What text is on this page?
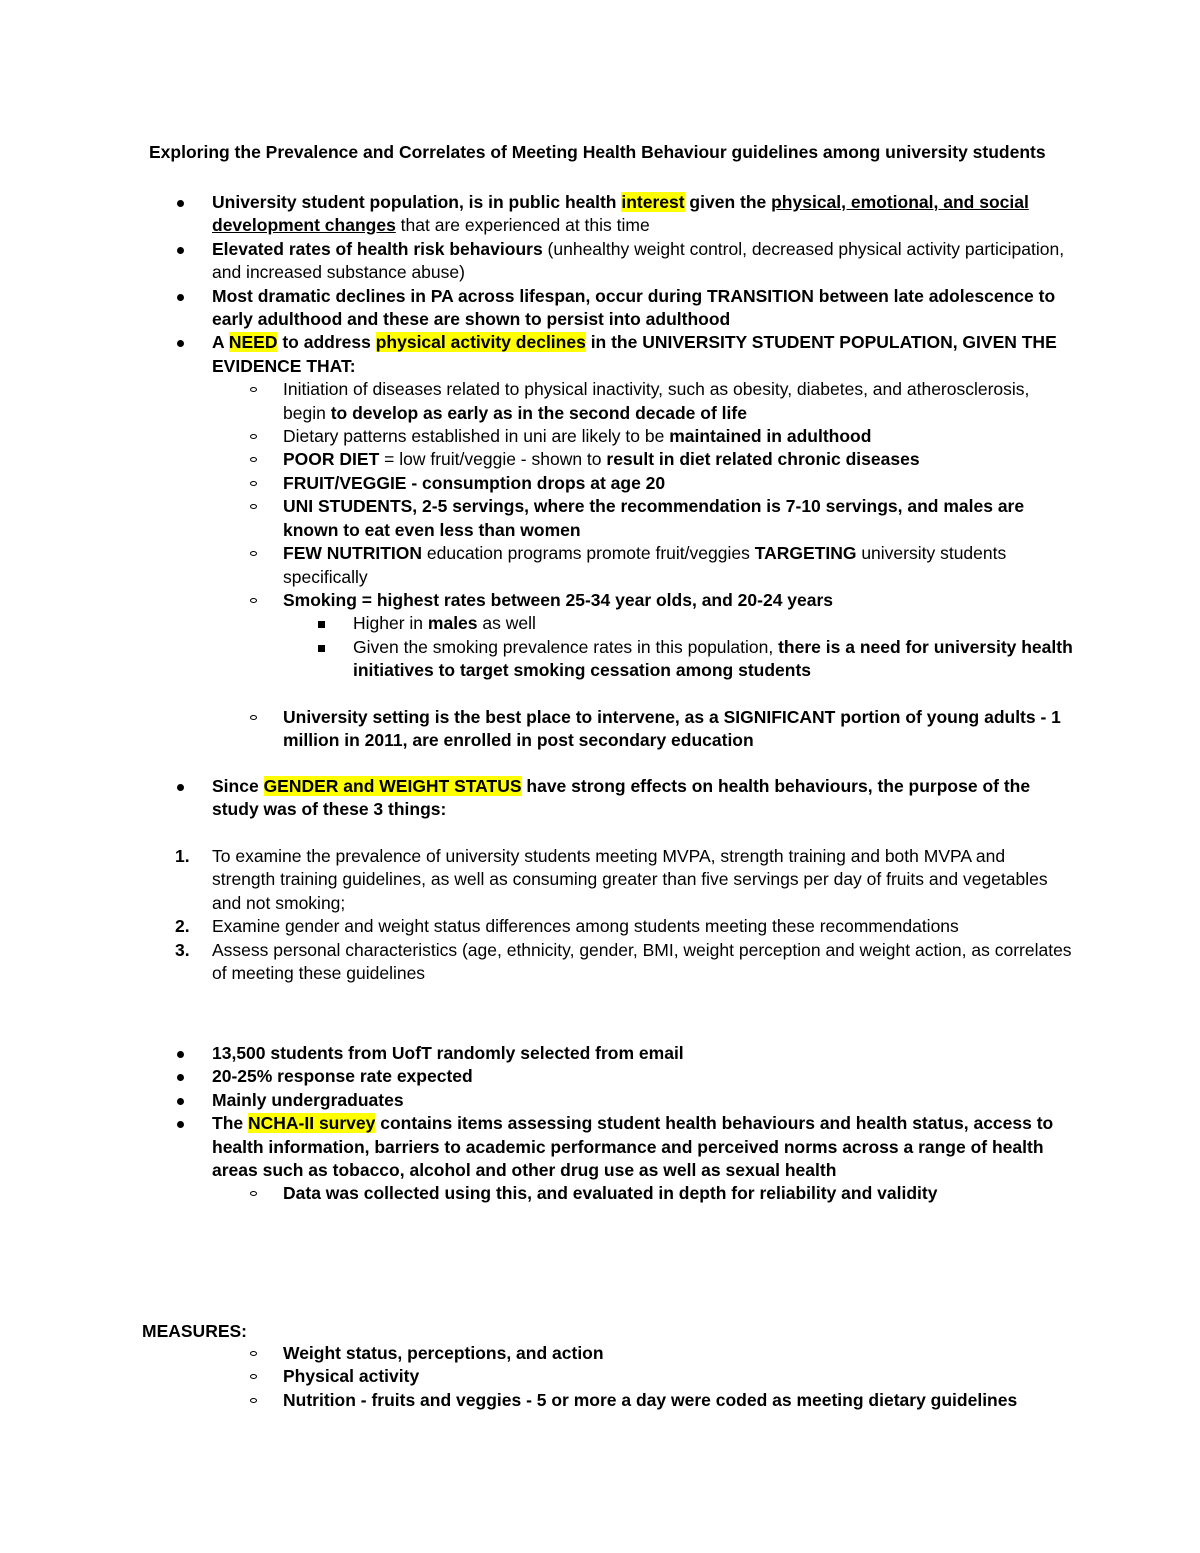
Exploring the Prevalence and Correlates of Meeting Health Behaviour guidelines among university students
University student population, is in public health interest given the physical, emotional, and social development changes that are experienced at this time
Elevated rates of health risk behaviours (unhealthy weight control, decreased physical activity participation, and increased substance abuse)
Most dramatic declines in PA across lifespan, occur during TRANSITION between late adolescence to early adulthood and these are shown to persist into adulthood
A NEED to address physical activity declines in the UNIVERSITY STUDENT POPULATION, GIVEN THE EVIDENCE THAT:
Initiation of diseases related to physical inactivity, such as obesity, diabetes, and atherosclerosis, begin to develop as early as in the second decade of life
Dietary patterns established in uni are likely to be maintained in adulthood
POOR DIET = low fruit/veggie - shown to result in diet related chronic diseases
FRUIT/VEGGIE - consumption drops at age 20
UNI STUDENTS, 2-5 servings, where the recommendation is 7-10 servings, and males are known to eat even less than women
FEW NUTRITION education programs promote fruit/veggies TARGETING university students specifically
Smoking = highest rates between 25-34 year olds, and 20-24 years
Higher in males as well
Given the smoking prevalence rates in this population, there is a need for university health initiatives to target smoking cessation among students
University setting is the best place to intervene, as a SIGNIFICANT portion of young adults - 1 million in 2011, are enrolled in post secondary education
Since GENDER and WEIGHT STATUS have strong effects on health behaviours, the purpose of the study was of these 3 things:
1. To examine the prevalence of university students meeting MVPA, strength training and both MVPA and strength training guidelines, as well as consuming greater than five servings per day of fruits and vegetables and not smoking;
2. Examine gender and weight status differences among students meeting these recommendations
3. Assess personal characteristics (age, ethnicity, gender, BMI, weight perception and weight action, as correlates of meeting these guidelines
13,500 students from UofT randomly selected from email
20-25% response rate expected
Mainly undergraduates
The NCHA-II survey contains items assessing student health behaviours and health status, access to health information, barriers to academic performance and perceived norms across a range of health areas such as tobacco, alcohol and other drug use as well as sexual health
Data was collected using this, and evaluated in depth for reliability and validity
MEASURES:
Weight status, perceptions, and action
Physical activity
Nutrition - fruits and veggies - 5 or more a day were coded as meeting dietary guidelines
